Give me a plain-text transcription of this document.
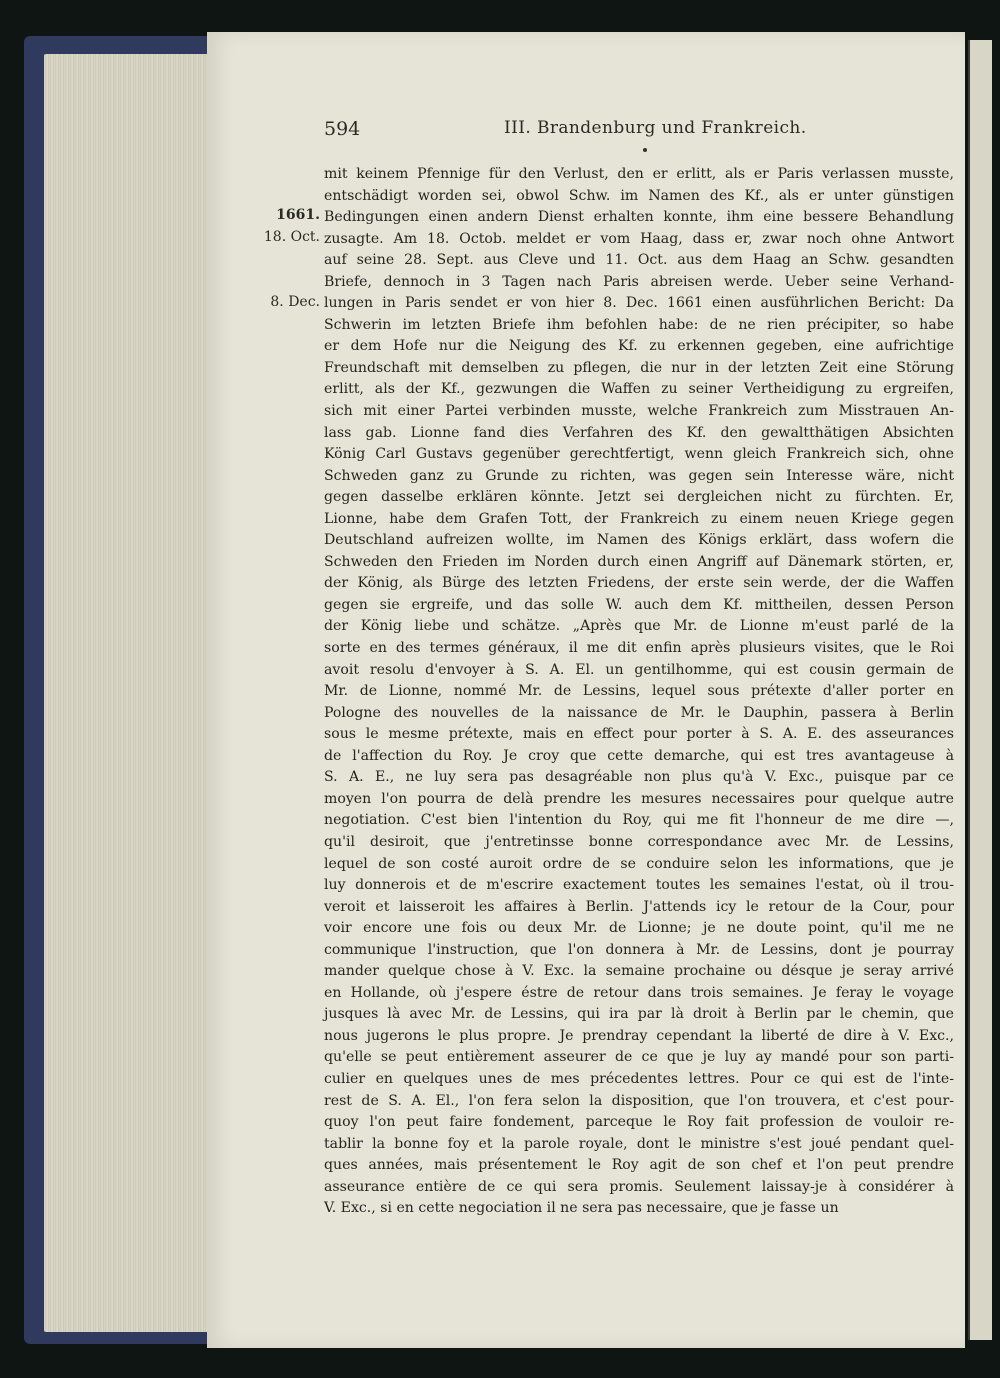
594	III. Brandenburg und Frankreich.
1661.
18. Oct.
8. Dec.
mit keinem Pfennige für den Verlust, den er erlitt, als er Paris verlassen musste,
entschädigt worden sei, obwol Schw. im Namen des Kf., als er unter günstigen
Bedingungen einen andern Dienst erhalten konnte, ihm eine bessere Behandlung
zusagte. Am 18. Octob. meldet er vom Haag, dass er, zwar noch ohne Antwort
auf seine 28. Sept. aus Cleve und 11. Oct. aus dem Haag an Schw. gesandten
Briefe, dennoch in 3 Tagen nach Paris abreisen werde. Ueber seine Verhand-
lungen in Paris sendet er von hier 8. Dec. 1661 einen ausführlichen Bericht: Da
Schwerin im letzten Briefe ihm befohlen habe: de ne rien précipiter, so habe
er dem Hofe nur die Neigung des Kf. zu erkennen gegeben, eine aufrichtige
Freundschaft mit demselben zu pflegen, die nur in der letzten Zeit eine Störung
erlitt, als der Kf., gezwungen die Waffen zu seiner Vertheidigung zu ergreifen,
sich mit einer Partei verbinden musste, welche Frankreich zum Misstrauen An-
lass gab. Lionne fand dies Verfahren des Kf. den gewaltthätigen Absichten
König Carl Gustavs gegenüber gerechtfertigt, wenn gleich Frankreich sich, ohne
Schweden ganz zu Grunde zu richten, was gegen sein Interesse wäre, nicht
gegen dasselbe erklären könnte. Jetzt sei dergleichen nicht zu fürchten. Er,
Lionne, habe dem Grafen Tott, der Frankreich zu einem neuen Kriege gegen
Deutschland aufreizen wollte, im Namen des Königs erklärt, dass wofern die
Schweden den Frieden im Norden durch einen Angriff auf Dänemark störten, er,
der König, als Bürge des letzten Friedens, der erste sein werde, der die Waffen
gegen sie ergreife, und das solle W. auch dem Kf. mittheilen, dessen Person
der König liebe und schätze. „Après que Mr. de Lionne m'eust parlé de la
sorte en des termes généraux, il me dit enfin après plusieurs visites, que le Roi
avoit resolu d'envoyer à S. A. El. un gentilhomme, qui est cousin germain de
Mr. de Lionne, nommé Mr. de Lessins, lequel sous prétexte d'aller porter en
Pologne des nouvelles de la naissance de Mr. le Dauphin, passera à Berlin
sous le mesme prétexte, mais en effect pour porter à S. A. E. des asseurances
de l'affection du Roy. Je croy que cette demarche, qui est tres avantageuse à
S. A. E., ne luy sera pas desagréable non plus qu'à V. Exc., puisque par ce
moyen l'on pourra de delà prendre les mesures necessaires pour quelque autre
negotiation. C'est bien l'intention du Roy, qui me fit l'honneur de me dire —,
qu'il desiroit, que j'entretinsse bonne correspondance avec Mr. de Lessins,
lequel de son costé auroit ordre de se conduire selon les informations, que je
luy donnerois et de m'escrire exactement toutes les semaines l'estat, où il trou-
veroit et laisseroit les affaires à Berlin. J'attends icy le retour de la Cour, pour
voir encore une fois ou deux Mr. de Lionne; je ne doute point, qu'il me ne
communique l'instruction, que l'on donnera à Mr. de Lessins, dont je pourray
mander quelque chose à V. Exc. la semaine prochaine ou désque je seray arrivé
en Hollande, où j'espere éstre de retour dans trois semaines. Je feray le voyage
jusques là avec Mr. de Lessins, qui ira par là droit à Berlin par le chemin, que
nous jugerons le plus propre. Je prendray cependant la liberté de dire à V. Exc.,
qu'elle se peut entièrement asseurer de ce que je luy ay mandé pour son parti-
culier en quelques unes de mes précedentes lettres. Pour ce qui est de l'inte-
rest de S. A. El., l'on fera selon la disposition, que l'on trouvera, et c'est pour-
quoy l'on peut faire fondement, parceque le Roy fait profession de vouloir re-
tablir la bonne foy et la parole royale, dont le ministre s'est joué pendant quel-
ques années, mais présentement le Roy agit de son chef et l'on peut prendre
asseurance entière de ce qui sera promis. Seulement laissay-je à considérer à
V. Exc., si en cette negociation il ne sera pas necessaire, que je fasse un
